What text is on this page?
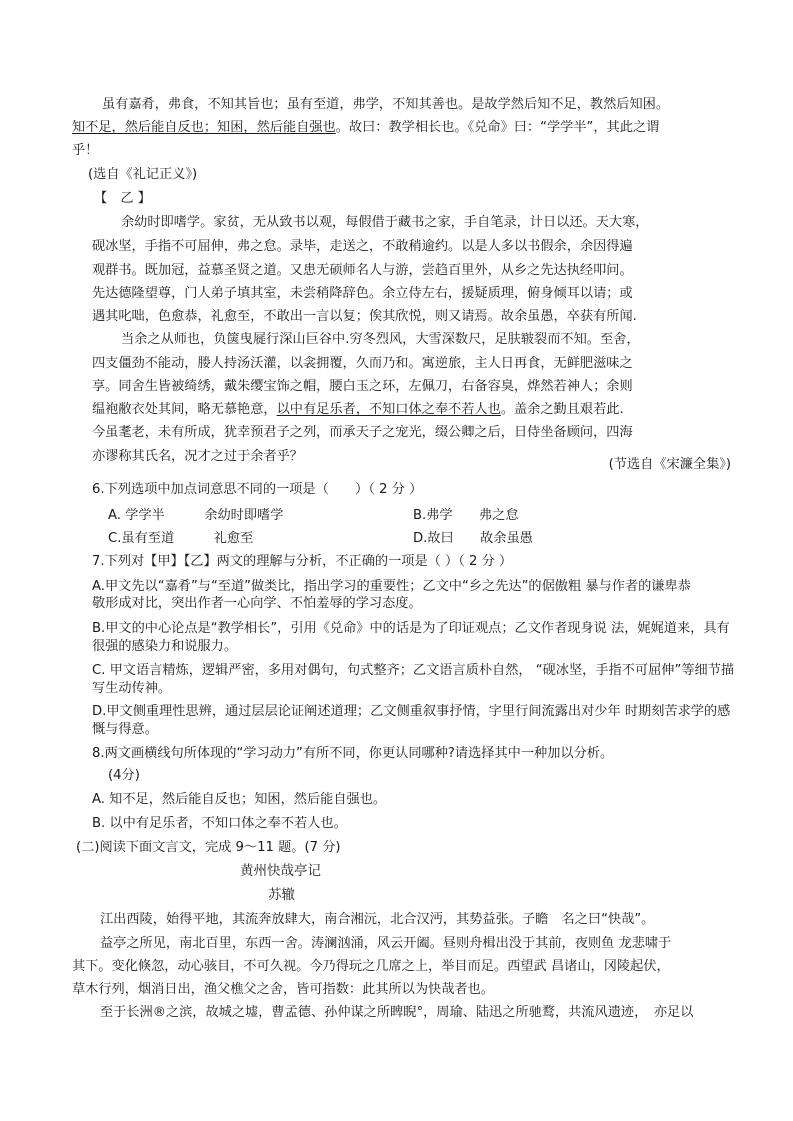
虽有嘉肴，弗食，不知其旨也；虽有至道，弗学，不知其善也。是故学然后知不足，教然后知困。
知不足，然后能自反也；知困，然后能自强也。故曰：教学相长也。《兑命》曰：“学学半”，其此之谓
乎！
(选自《礼记正义》)
【　乙 】
余幼时即嗜学。家贫，无从致书以观，每假借于藏书之家，手自笔录，计日以还。天大寒，
砚冰坚，手指不可屈伸，弗之怠。录毕，走送之，不敢稍逾约。以是人多以书假余，余因得遍
观群书。既加冠，益慕圣贤之道。又患无硕师名人与游，尝趋百里外，从乡之先达执经叩问。
先达德隆望尊，门人弟子填其室，未尝稍降辞色。余立侍左右，援疑质理，俯身倾耳以请；或
遇其叱咄，色愈恭，礼愈至，不敢出一言以复；俟其欣悦，则又请焉。故余虽愚，卒获有所闻.
当余之从师也，负箧曳屣行深山巨谷中.穷冬烈风，大雪深数尺，足肤皲裂而不知。至舍，
四支僵劲不能动，媵人持汤沃灌，以衾拥覆，久而乃和。寓逆旅，主人日再食，无鲜肥滋味之
享。同舍生皆被绮绣，戴朱缨宝饰之帽，腰白玉之环，左佩刀，右备容臭，烨然若神人；余则
缊袍敝衣处其间，略无慕艳意，以中有足乐者，不知口体之奉不若人也。盖余之勤且艰若此.
今虽耄老，未有所成，犹幸预君子之列，而承天子之宠光，缀公卿之后，日侍坐备顾问，四海
亦谬称其氏名，况才之过于余者乎？
(节选自《宋濂全集》)
6.下列选项中加点词意思不同的一项是（　　）（ 2 分 ）
A. 学学半　　　余幼时即嗜学	B.弗学　　弗之怠
C.虽有至道　　　礼愈至	D.故曰　　故余虽愚
7.下列对【甲】【乙】两文的理解与分析，不正确的一项是（ ）（ 2 分 ）
A.甲文先以“嘉肴”与“至道”做类比，指出学习的重要性；乙文中“乡之先达”的倨傲粗 暴与作者的谦卑恭
敬形成对比，突出作者一心向学、不怕羞辱的学习态度。
B.甲文的中心论点是“教学相长”，引用《兑命》中的话是为了印证观点；乙文作者现身说 法，娓娓道来，具有
很强的感染力和说服力。
C. 甲文语言精炼，逻辑严密，多用对偶句，句式整齐；乙文语言质朴自然， “砚冰坚，手指不可屈伸”等细节描
写生动传神。
D.甲文侧重理性思辨，通过层层论证阐述道理；乙文侧重叙事抒情，字里行间流露出对少年 时期刻苦求学的感
慨与得意。
8.两文画横线句所体现的“学习动力”有所不同，你更认同哪种?请选择其中一种加以分析。
(4分)
A. 知不足，然后能自反也；知困，然后能自强也。
B. 以中有足乐者，不知口体之奉不若人也。
(二)阅读下面文言文，完成 9～11 题。(7 分)
黄州快哉亭记
苏辙
江出西陵，始得平地，其流奔放肆大，南合湘沅，北合汉沔，其势益张。子瞻　名之曰“快哉”。
益亭之所见，南北百里，东西一舍。涛澜汹涌，风云开阖。昼则舟楫出没于其前，夜则鱼 龙悲啸于
其下。变化倏忽，动心骇目，不可久视。今乃得玩之几席之上，举目而足。西望武 昌诸山，冈陵起伏，
草木行列，烟消日出，渔父樵父之舍，皆可指数：此其所以为快哉者也。
至于长洲®之滨，故城之墟，曹孟德、孙仲谋之所睥睨°，周瑜、陆迅之所驰鹜，共流风遗迹，　亦足以
